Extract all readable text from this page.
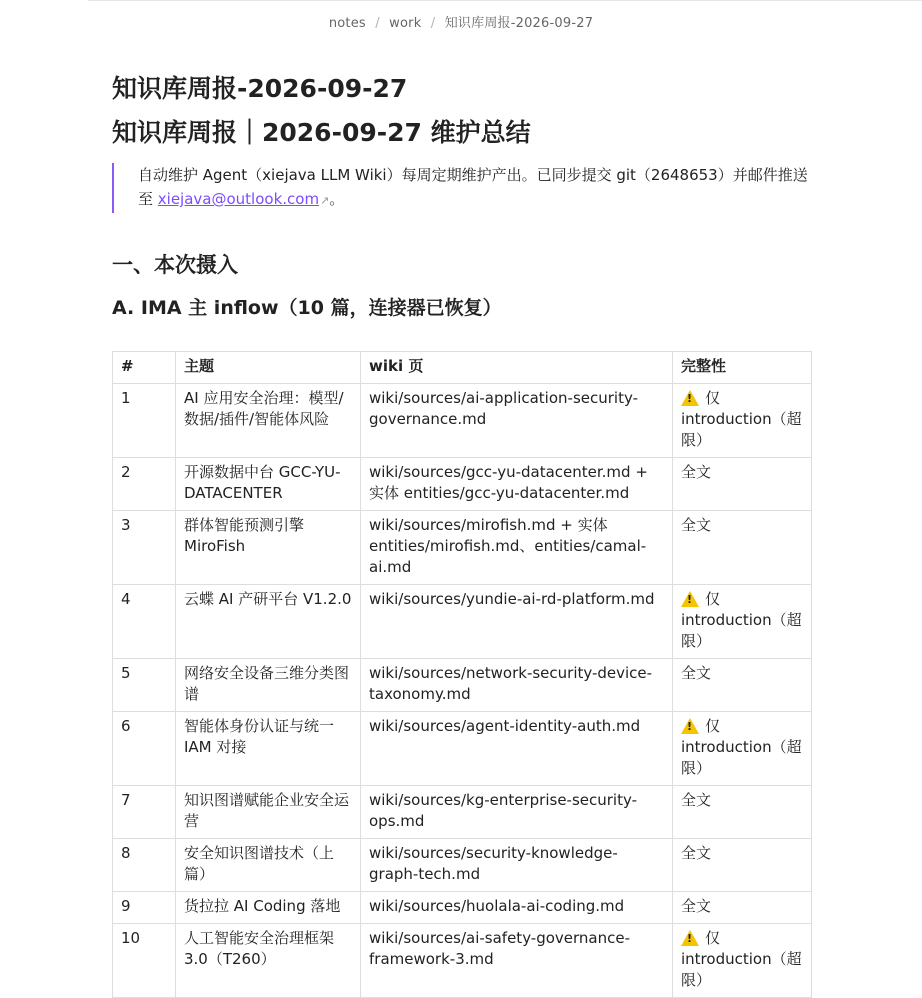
notes / work / 知识库周报-2026-09-27
知识库周报-2026-09-27
知识库周报｜2026-09-27 维护总结
自动维护 Agent（xiejava LLM Wiki）每周定期维护产出。已同步提交 git（2648653）并邮件推送至 xiejava@outlook.com↗。
一、本次摄入
A. IMA 主 inflow（10 篇，连接器已恢复）
#	主题	wiki 页	完整性
1	AI 应用安全治理：模型/数据/插件/智能体风险	wiki/sources/ai-application-security-governance.md	!仅 introduction（超限）
2	开源数据中台 GCC-YU-DATACENTER	wiki/sources/gcc-yu-datacenter.md + 实体 entities/gcc-yu-datacenter.md	全文
3	群体智能预测引擎 MiroFish	wiki/sources/mirofish.md + 实体 entities/mirofish.md、entities/camal-ai.md	全文
4	云蝶 AI 产研平台 V1.2.0	wiki/sources/yundie-ai-rd-platform.md	!仅 introduction（超限）
5	网络安全设备三维分类图谱	wiki/sources/network-security-device-taxonomy.md	全文
6	智能体身份认证与统一 IAM 对接	wiki/sources/agent-identity-auth.md	!仅 introduction（超限）
7	知识图谱赋能企业安全运营	wiki/sources/kg-enterprise-security-ops.md	全文
8	安全知识图谱技术（上篇）	wiki/sources/security-knowledge-graph-tech.md	全文
9	货拉拉 AI Coding 落地	wiki/sources/huolala-ai-coding.md	全文
10	人工智能安全治理框架 3.0（T260）	wiki/sources/ai-safety-governance-framework-3.md	!仅 introduction（超限）
